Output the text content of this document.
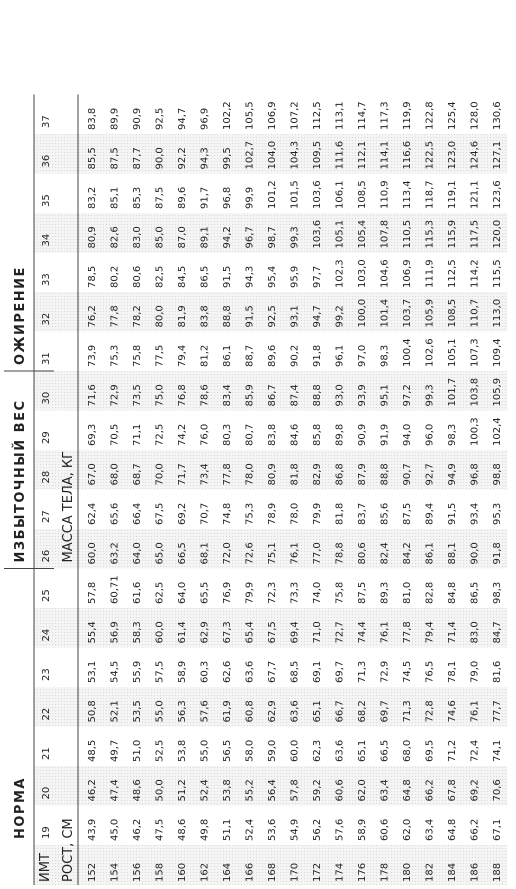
НОРМА 19
20
21
22
23
24
25
ИЗБЫТОЧНЫЙ ВЕС 26
27
28
29
30
ОЖИРЕНИЕ 31
32
33
34
35
36
37
ИМТ РОСТ, СМ
МАССА ТЕЛА, КГ
152
43,9
46,2
48,5
50,8
53,1
55,4
57,8
60,0
62,4
67,0
69,3
71,6
73,9
76,2
78,5
80,9
83,2
85,5
83,8
154
45,0
47,4
49,7
52,1
54,5
56,9
60,71
63,2
65,6
68,0
70,5
72,9
75,3
77,8
80,2
82,6
85,1
87,5
89,9
156
46,2
48,6
51,0
53,5
55,9
58,3
61,6
64,0
66,4
68,7
71,1
73,5
75,8
78,2
80,6
83,0
85,3
87,7
90,9
158
47,5
50,0
52,5
55,0
57,5
60,0
62,5
65,0
67,5
70,0
72,5
75,0
77,5
80,0
82,5
85,0
87,5
90,0
92,5
160
48,6
51,2
53,8
56,3
58,9
61,4
64,0
66,5
69,2
71,7
74,2
76,8
79,4
81,9
84,5
87,0
89,6
92,2
94,7
162
49,8
52,4
55,0
57,6
60,3
62,9
65,5
68,1
70,7
73,4
76,0
78,6
81,2
83,8
86,5
89,1
91,7
94,3
96,9
164
51,1
53,8
56,5
61,9
62,6
67,3
76,9
72,0
74,8
77,8
80,3
83,4
86,1
88,8
91,5
94,2
96,8
99,5
102,2
166
52,4
55,2
58,0
60,8
63,6
65,4
79,9
72,6
75,3
78,0
80,7
85,9
88,7
91,5
94,3
96,7
99,9
102,7
105,5
168
53,6
56,4
59,0
62,9
67,7
67,5
72,3
75,1
78,9
80,9
83,8
86,7
89,6
92,5
95,4
98,7
101,2
104,0
106,9
170
54,9
57,8
60,0
63,6
68,5
69,4
73,3
76,1
78,0
81,8
84,6
87,4
90,2
93,1
95,9
99,3
101,5
104,3
107,2
172
56,2
59,2
62,3
65,1
69,1
71,0
74,0
77,0
79,9
82,9
85,8
88,8
91,8
94,7
97,7
103,6
103,6
109,5
112,5
174
57,6
60,6
63,6
66,7
69,7
72,7
75,8
78,8
81,8
86,8
89,8
93,0
96,1
99,2
102,3
105,1
106,1
111,6
113,1
176
58,9
62,0
65,1
68,2
71,3
74,4
87,5
80,6
83,7
87,9
90,9
93,9
97,0
100,0
103,0
105,4
108,5
112,1
114,7
178
60,6
63,4
66,5
69,7
72,9
76,1
89,3
82,4
85,6
88,8
91,9
95,1
98,3
101,4
104,6
107,8
110,9
114,1
117,3
180
62,0
64,8
68,0
71,3
74,5
77,8
81,0
84,2
87,5
90,7
94,0
97,2
100,4
103,7
106,9
110,5
113,4
116,6
119,9
182
63,4
66,2
69,5
72,8
76,5
79,4
82,8
86,1
89,4
92,7
96,0
99,3
102,6
105,9
111,9
115,3
118,7
122,5
122,8
184
64,8
67,8
71,2
74,6
78,1
71,4
84,8
88,1
91,5
94,9
98,3
101,7
105,1
108,5
112,5
115,9
119,1
123,0
125,4
186
66,2
69,2
72,4
76,1
79,0
83,0
86,5
90,0
93,4
96,8
100,3
103,8
107,3
110,7
114,2
117,5
121,1
124,6
128,0
188
67,1
70,6
74,1
77,7
81,6
84,7
98,3
91,8
95,3
98,8
102,4
105,9
109,4
113,0
115,5
120,0
123,6
127,1
130,6
